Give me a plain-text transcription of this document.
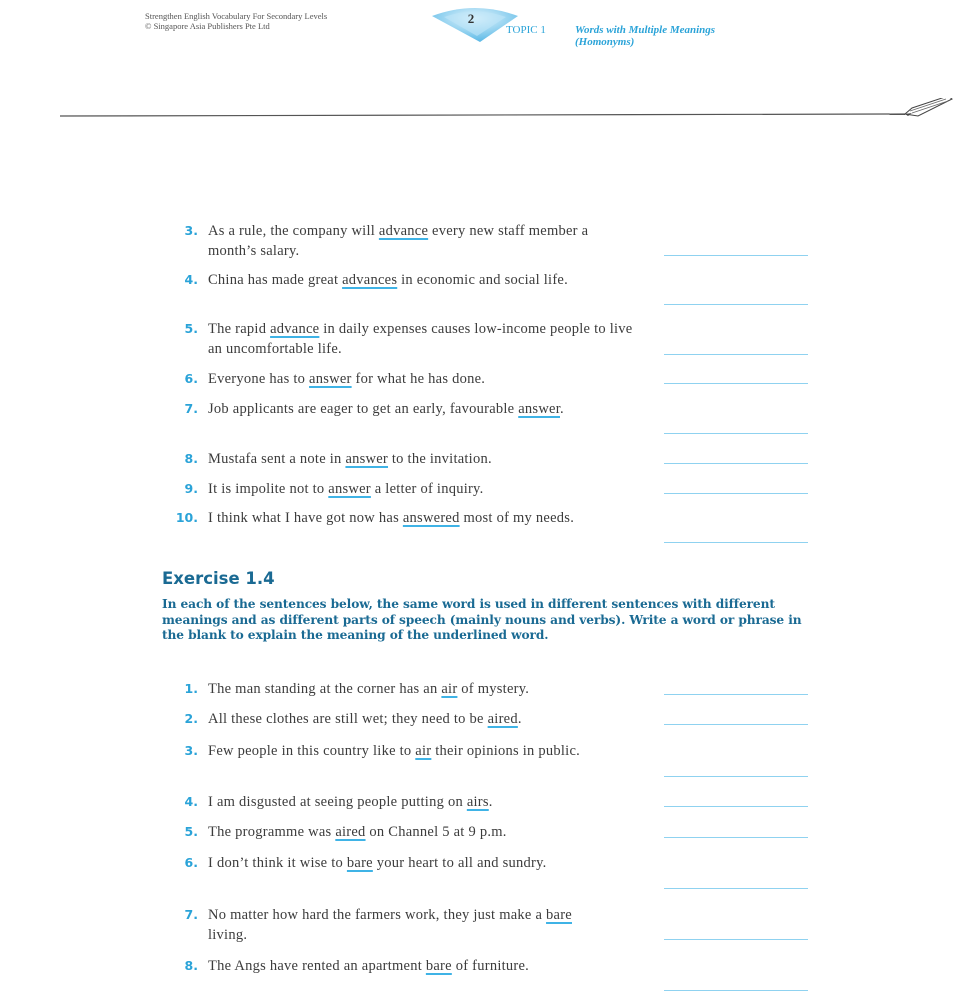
Strengthen English Vocabulary For Secondary Levels
© Singapore Asia Publishers Pte Ltd	2
TOPIC 1	Words with Multiple Meanings
(Homonyms)
3. As a rule, the company will advance every new staff member a month’s salary.
4. China has made great advances in economic and social life.
5. The rapid advance in daily expenses causes low-income people to live an uncomfortable life.
6. Everyone has to answer for what he has done.
7. Job applicants are eager to get an early, favourable answer.
8. Mustafa sent a note in answer to the invitation.
9. It is impolite not to answer a letter of inquiry.
10. I think what I have got now has answered most of my needs.
Exercise 1.4
In each of the sentences below, the same word is used in different sentences with different meanings and as different parts of speech (mainly nouns and verbs). Write a word or phrase in the blank to explain the meaning of the underlined word.
1. The man standing at the corner has an air of mystery.
2. All these clothes are still wet; they need to be aired.
3. Few people in this country like to air their opinions in public.
4. I am disgusted at seeing people putting on airs.
5. The programme was aired on Channel 5 at 9 p.m.
6. I don’t think it wise to bare your heart to all and sundry.
7. No matter how hard the farmers work, they just make a bare living.
8. The Angs have rented an apartment bare of furniture.
